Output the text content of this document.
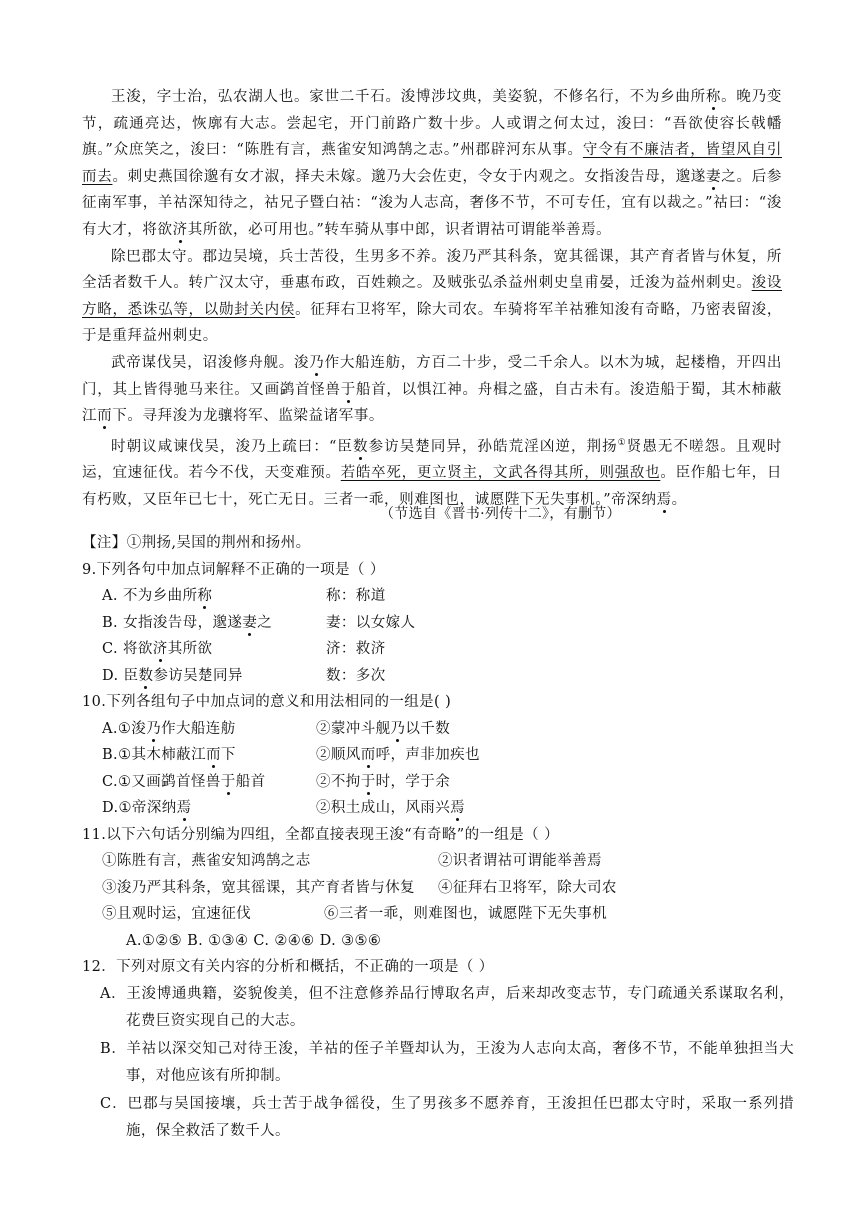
王浚，字士治，弘农湖人也。家世二千石。浚博涉坟典，美姿貌，不修名行，不为乡曲所称。晚乃变节，疏通亮达，恢廓有大志。尝起宅，开门前路广数十步。人或谓之何太过，浚曰：“吾欲使容长戟幡旗。”众庶笑之，浚曰：“陈胜有言，燕雀安知鸿鹄之志。”州郡辟河东从事。守令有不廉洁者，皆望风自引而去。刺史燕国徐邈有女才淑，择夫未嫁。邈乃大会佐吏，令女于内观之。女指浚告母，邈遂妻之。后参征南军事，羊祜深知待之，祜兄子暨白祜：“浚为人志高，奢侈不节，不可专任，宜有以裁之。”祜曰：“浚有大才，将欲济其所欲，必可用也。”转车骑从事中郎，识者谓祜可谓能举善焉。

除巴郡太守。郡边吴境，兵士苦役，生男多不养。浚乃严其科条，宽其徭课，其产育者皆与休复，所全活者数千人。转广汉太守，垂惠布政，百姓赖之。及贼张弘杀益州刺史皇甫晏，迁浚为益州刺史。浚设方略，悉诛弘等，以勋封关内侯。征拜右卫将军，除大司农。车骑将军羊祜雅知浚有奇略，乃密表留浚，于是重拜益州刺史。

武帝谋伐吴，诏浚修舟舰。浚乃作大船连舫，方百二十步，受二千余人。以木为城，起楼橹，开四出门，其上皆得驰马来往。又画鹢首怪兽于船首，以惧江神。舟楫之盛，自古未有。浚造船于蜀，其木柿蔽江而下。寻拜浚为龙骧将军、监梁益诸军事。

时朝议咸谏伐吴，浚乃上疏曰：“臣数参访吴楚同异，孙皓荒淫凶逆，荆扬①贤愚无不嗟怨。且观时运，宜速征伐。若今不伐，天变难预。若皓卒死，更立贤主，文武各得其所，则强敌也。臣作船七年，日有朽败，又臣年已七十，死亡无日。三者一乖，则难图也，诚愿陛下无失事机。”帝深纳焉。

（节选自《晋书·列传十二》，有删节）
【注】①荆扬,吴国的荆州和扬州。
9.下列各句中加点词解释不正确的一项是（ ）
A. 不为乡曲所称	称：称道
B. 女指浚告母，邈遂妻之	妻：以女嫁人
C. 将欲济其所欲	济：救济
D. 臣数参访吴楚同异	数：多次
10.下列各组句子中加点词的意义和用法相同的一组是( )
A.①浚乃作大船连舫	②蒙冲斗舰乃以千数
B.①其木柿蔽江而下	②顺风而呼，声非加疾也
C.①又画鹢首怪兽于船首	②不拘于时，学于余
D.①帝深纳焉	②积土成山，风雨兴焉
11.以下六句话分别编为四组，全都直接表现王浚“有奇略”的一组是（ ）
①陈胜有言，燕雀安知鸿鹄之志	②识者谓祜可谓能举善焉
③浚乃严其科条，宽其徭课，其产育者皆与休复 ④征拜右卫将军，除大司农
⑤且观时运，宜速征伐	⑥三者一乖，则难图也，诚愿陛下无失事机
A.①②⑤ B. ①③④ C. ②④⑥ D. ③⑤⑥
12．下列对原文有关内容的分析和概括，不正确的一项是（ ）

A．王浚博通典籍，姿貌俊美，但不注意修养品行博取名声，后来却改变志节，专门疏通关系谋取名利，花费巨资实现自己的大志。

B．羊祜以深交知己对待王浚，羊祜的侄子羊暨却认为，王浚为人志向太高，奢侈不节，不能单独担当大事，对他应该有所抑制。

C．巴郡与吴国接壤，兵士苦于战争徭役，生了男孩多不愿养育，王浚担任巴郡太守时，采取一系列措施，保全救活了数千人。
